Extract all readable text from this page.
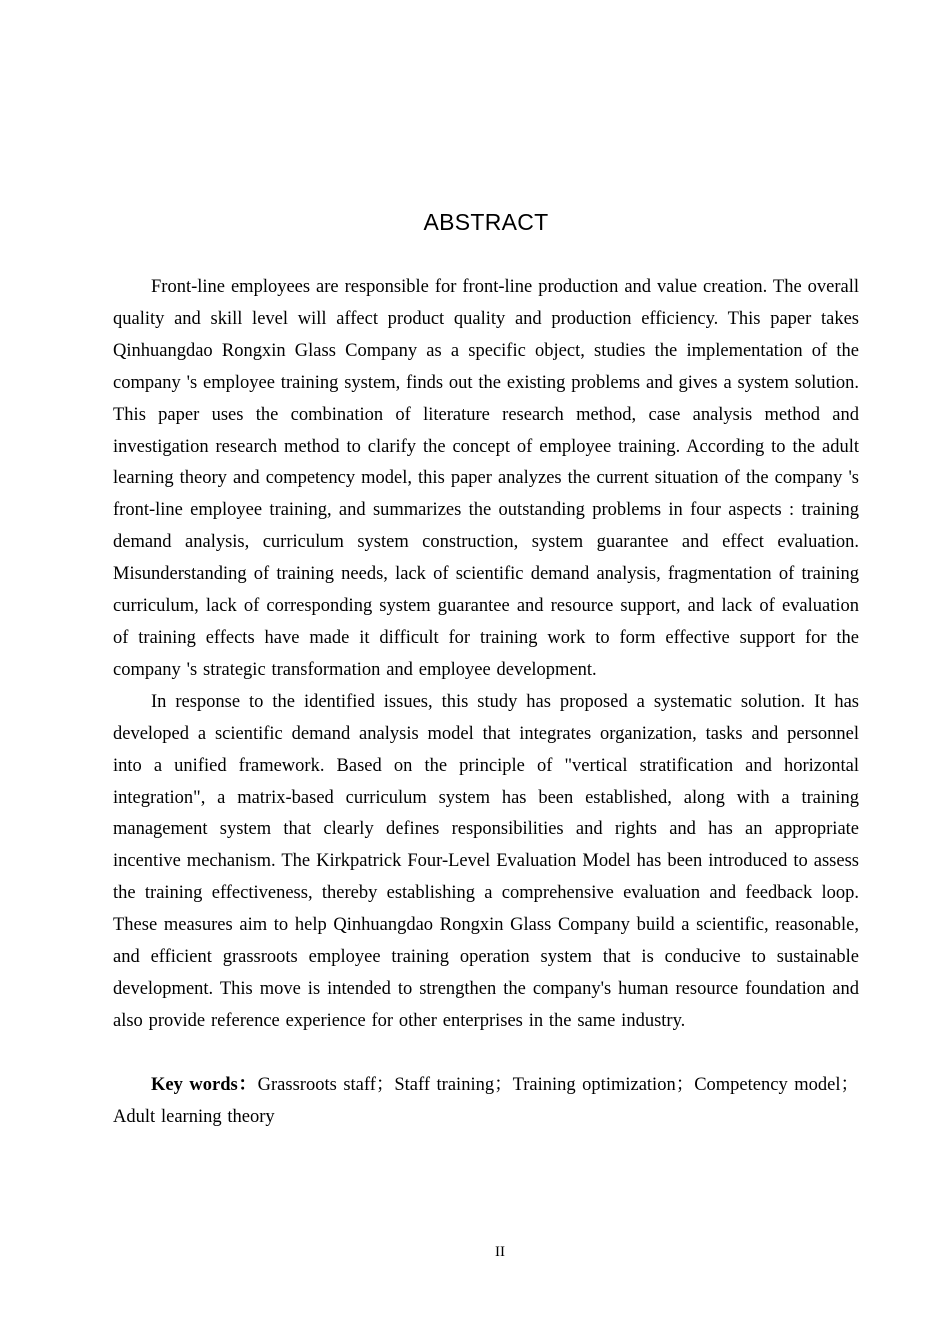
ABSTRACT

Front-line employees are responsible for front-line production and value creation. The overall quality and skill level will affect product quality and production efficiency. This paper takes Qinhuangdao Rongxin Glass Company as a specific object, studies the implementation of the company 's employee training system, finds out the existing problems and gives a system solution. This paper uses the combination of literature research method, case analysis method and investigation research method to clarify the concept of employee training. According to the adult learning theory and competency model, this paper analyzes the current situation of the company 's front-line employee training, and summarizes the outstanding problems in four aspects : training demand analysis, curriculum system construction, system guarantee and effect evaluation. Misunderstanding of training needs, lack of scientific demand analysis, fragmentation of training curriculum, lack of corresponding system guarantee and resource support, and lack of evaluation of training effects have made it difficult for training work to form effective support for the company 's strategic transformation and employee development.

In response to the identified issues, this study has proposed a systematic solution. It has developed a scientific demand analysis model that integrates organization, tasks and personnel into a unified framework. Based on the principle of "vertical stratification and horizontal integration", a matrix-based curriculum system has been established, along with a training management system that clearly defines responsibilities and rights and has an appropriate incentive mechanism. The Kirkpatrick Four-Level Evaluation Model has been introduced to assess the training effectiveness, thereby establishing a comprehensive evaluation and feedback loop. These measures aim to help Qinhuangdao Rongxin Glass Company build a scientific, reasonable, and efficient grassroots employee training operation system that is conducive to sustainable development. This move is intended to strengthen the company's human resource foundation and also provide reference experience for other enterprises in the same industry.

Key words：Grassroots staff；Staff training；Training optimization；Competency model；Adult learning theory

II
